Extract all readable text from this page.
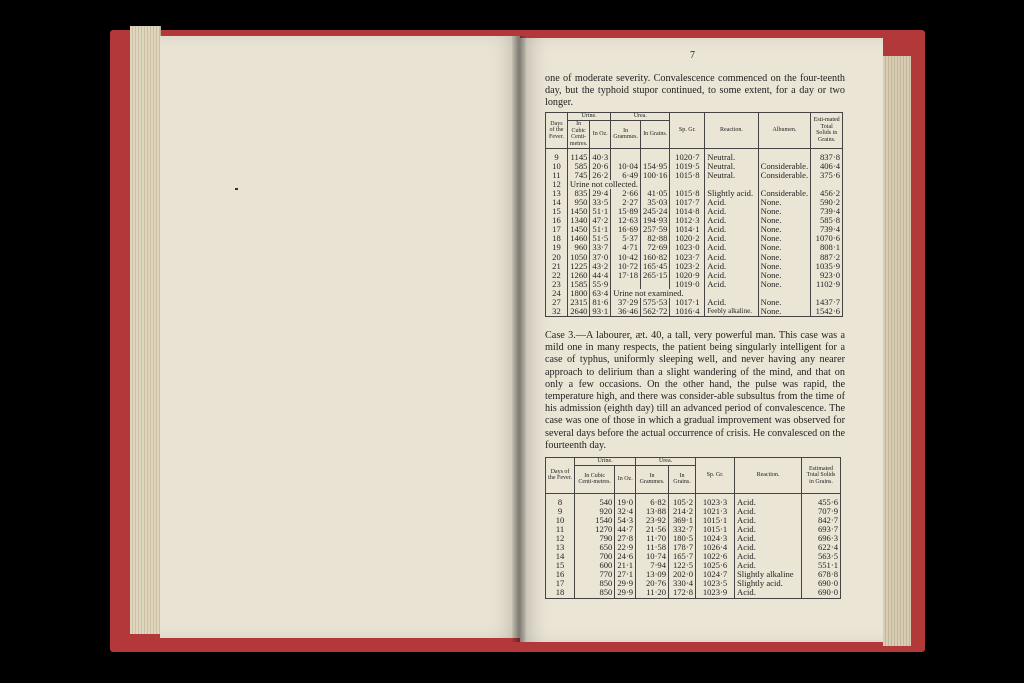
7

one of moderate severity. Convalescence commenced on the four-teenth day, but the typhoid stupor continued, to some extent, for a day or two longer.

Days of the Fever.	Urine.		Urea.		Sp. Gr.	Reaction.	Albumen.	Esti-mated Total Solids in Grains.
	In Cubic Centi-metres.	In Oz.	In Grammes.	In Grains.				
9	1145	40·3			1020·7	Neutral.		837·8
10	585	20·6	10·04	154·95	1019·5	Neutral.	Considerable.	406·4
11	745	26·2	6·49	100·16	1015·8	Neutral.	Considerable.	375·6
12	Urine not collected.							
13	835	29·4	2·66	41·05	1015·8	Slightly acid.	Considerable.	456·2
14	950	33·5	2·27	35·03	1017·7	Acid.	None.	590·2
15	1450	51·1	15·89	245·24	1014·8	Acid.	None.	739·4
16	1340	47·2	12·63	194·93	1012·3	Acid.	None.	585·8
17	1450	51·1	16·69	257·59	1014·1	Acid.	None.	739·4
18	1460	51·5	5·37	82·88	1020·2	Acid.	None.	1070·6
19	960	33·7	4·71	72·69	1023·0	Acid.	None.	808·1
20	1050	37·0	10·42	160·82	1023·7	Acid.	None.	887·2
21	1225	43·2	10·72	165·45	1023·2	Acid.	None.	1035·9
22	1260	44·4	17·18	265·15	1020·9	Acid.	None.	923·0
23	1585	55·9			1019·0	Acid.	None.	1102·9
24	1800	63·4	Urine not examined.					
27	2315	81·6	37·29	575·53	1017·1	Acid.	None.	1437·7
32	2640	93·1	36·46	562·72	1016·4	Feebly alkaline.	None.	1542·6

Case 3.—A labourer, æt. 40, a tall, very powerful man. This case was a mild one in many respects, the patient being singularly intelligent for a case of typhus, uniformly sleeping well, and never having any nearer approach to delirium than a slight wandering of the mind, and that on only a few occasions. On the other hand, the pulse was rapid, the temperature high, and there was consider-able subsultus from the time of his admission (eighth day) till an advanced period of convalescence. The case was one of those in which a gradual improvement was observed for several days before the actual occurrence of crisis. He convalesced on the fourteenth day.

Days of the Fever.	Urine.		Urea.		Sp. Gr.	Reaction.	Estimated Total Solids in Grains.
	In Cubic Centi-metres.	In Oz.	In Grammes.	In Grains.			
8	540	19·0	6·82	105·2	1023·3	Acid.	455·6
9	920	32·4	13·88	214·2	1021·3	Acid.	707·9
10	1540	54·3	23·92	369·1	1015·1	Acid.	842·7
11	1270	44·7	21·56	332·7	1015·1	Acid.	693·7
12	790	27·8	11·70	180·5	1024·3	Acid.	696·3
13	650	22·9	11·58	178·7	1026·4	Acid.	622·4
14	700	24·6	10·74	165·7	1022·6	Acid.	563·5
15	600	21·1	7·94	122·5	1025·6	Acid.	551·1
16	770	27·1	13·09	202·0	1024·7	Slightly alkaline	678·8
17	850	29·9	20·76	330·4	1023·5	Slightly acid.	690·0
18	850	29·9	11·20	172·8	1023·9	Acid.	690·0
